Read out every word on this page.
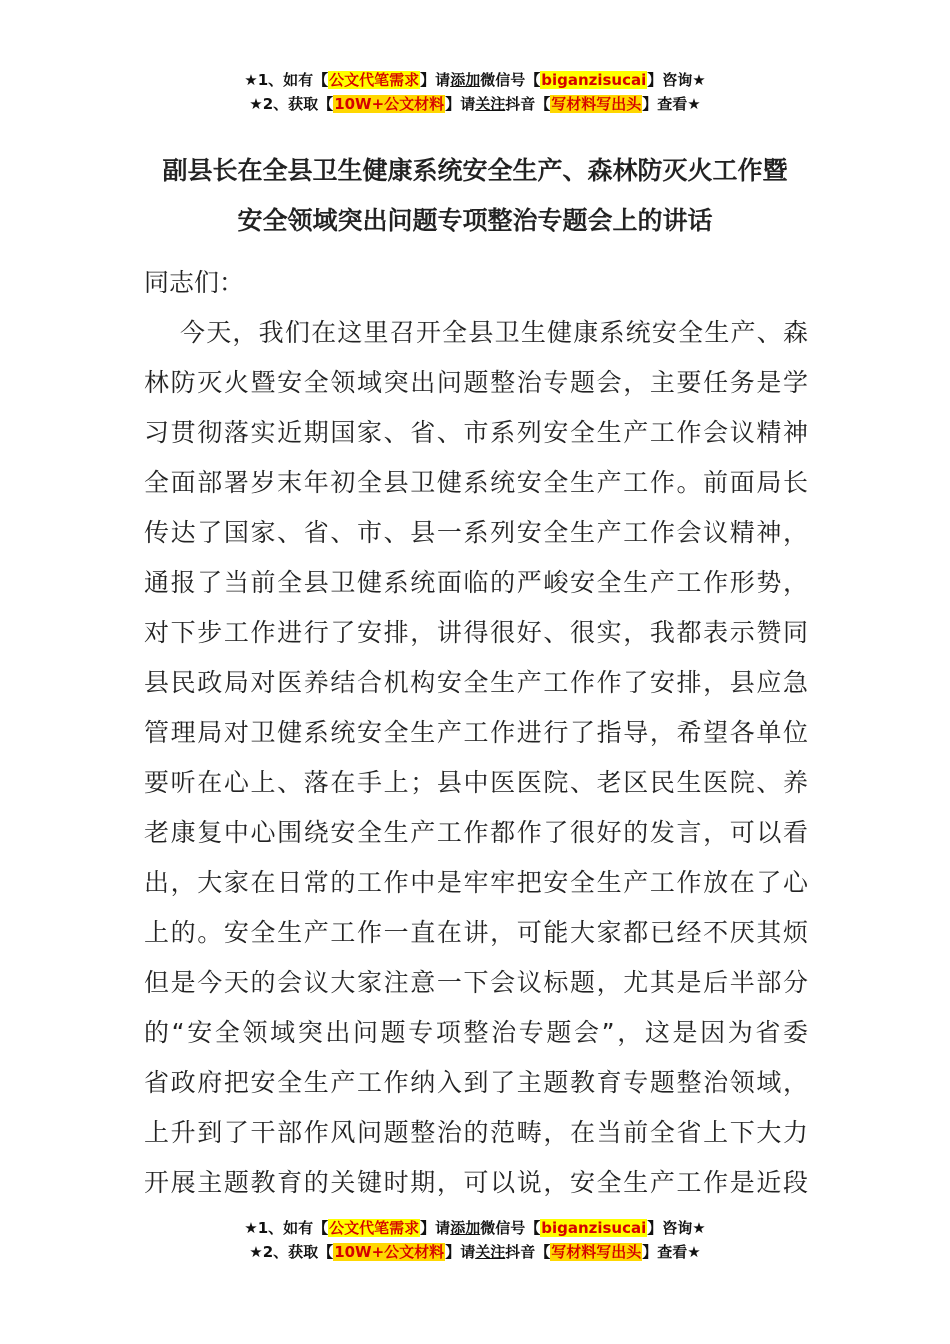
★1、如有【公文代笔需求】请添加微信号【biganzisucai】咨询★
★2、获取【10W+公文材料】请关注抖音【写材料写出头】查看★
副县长在全县卫生健康系统安全生产、森林防灭火工作暨
安全领域突出问题专项整治专题会上的讲话
同志们：
今天，我们在这里召开全县卫生健康系统安全生产、森
林防灭火暨安全领域突出问题整治专题会，主要任务是学
习贯彻落实近期国家、省、市系列安全生产工作会议精神
全面部署岁末年初全县卫健系统安全生产工作。前面局长
传达了国家、省、市、县一系列安全生产工作会议精神，
通报了当前全县卫健系统面临的严峻安全生产工作形势，
对下步工作进行了安排，讲得很好、很实，我都表示赞同
县民政局对医养结合机构安全生产工作作了安排，县应急
管理局对卫健系统安全生产工作进行了指导，希望各单位
要听在心上、落在手上；县中医医院、老区民生医院、养
老康复中心围绕安全生产工作都作了很好的发言，可以看
出，大家在日常的工作中是牢牢把安全生产工作放在了心
上的。安全生产工作一直在讲，可能大家都已经不厌其烦
但是今天的会议大家注意一下会议标题，尤其是后半部分
的“安全领域突出问题专项整治专题会”，这是因为省委
省政府把安全生产工作纳入到了主题教育专题整治领域，
上升到了干部作风问题整治的范畴，在当前全省上下大力
开展主题教育的关键时期，可以说，安全生产工作是近段
★1、如有【公文代笔需求】请添加微信号【biganzisucai】咨询★
★2、获取【10W+公文材料】请关注抖音【写材料写出头】查看★
